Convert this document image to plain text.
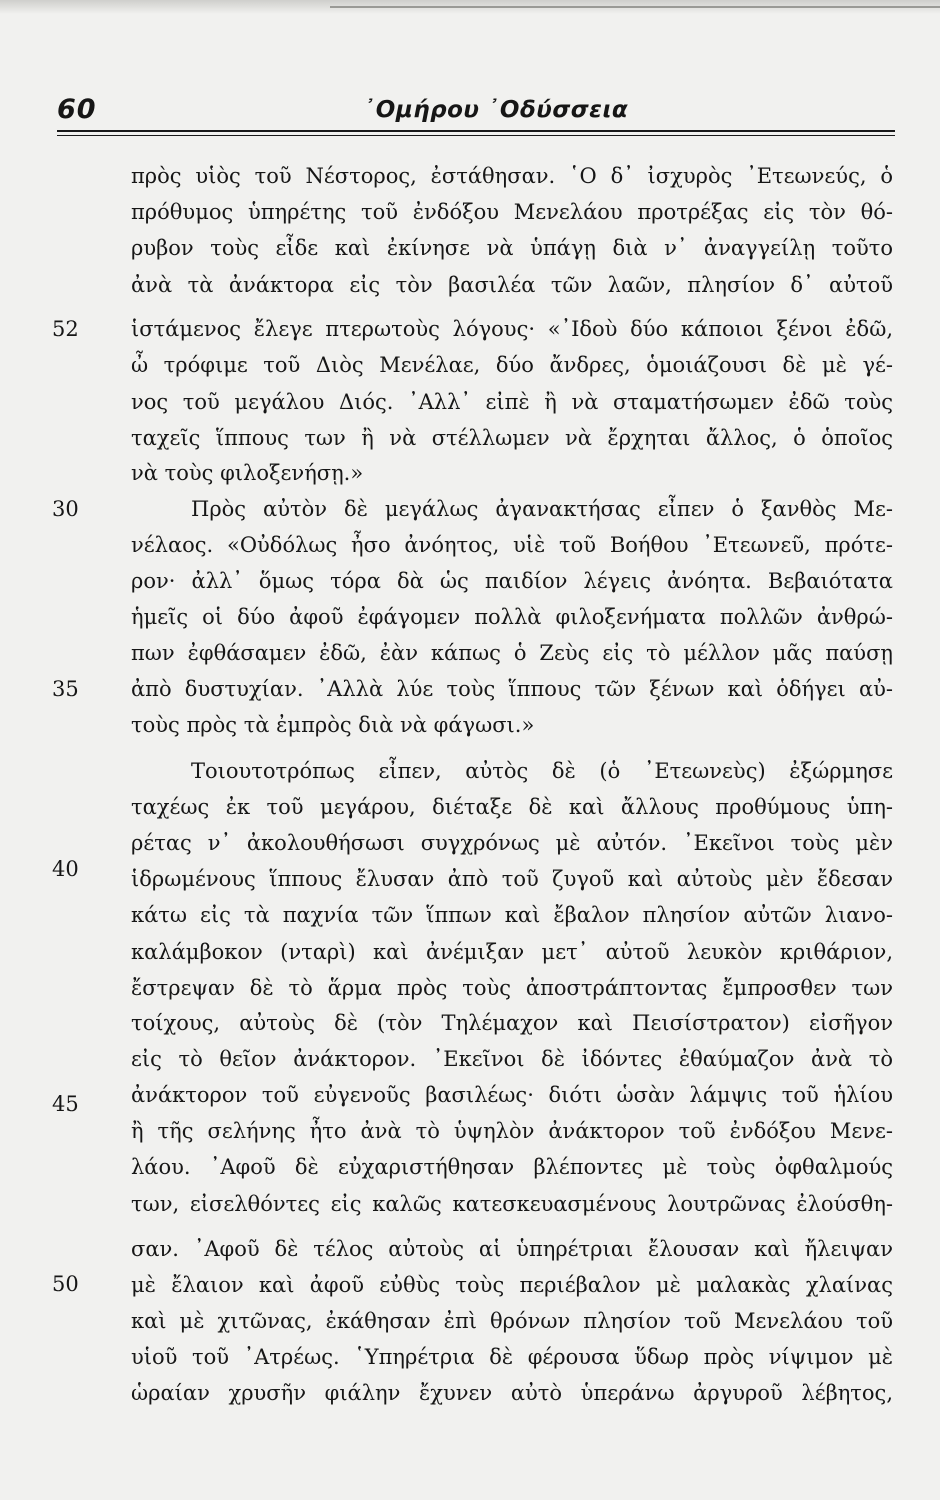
60	᾿Ομήρου ᾿Οδύσσεια
52
30
35
40
45
50
πρὸς υἱὸς τοῦ Νέστορος, ἐστάθησαν. ῾Ο δ᾿ ἰσχυρὸς ᾿Ετεωνεύς, ὁ
πρόθυμος ὑπηρέτης τοῦ ἐνδόξου Μενελάου προτρέξας εἰς τὸν θό-
ρυβον τοὺς εἶδε καὶ ἐκίνησε νὰ ὑπάγῃ διὰ ν᾿ ἀναγγείλῃ τοῦτο
ἀνὰ τὰ ἀνάκτορα εἰς τὸν βασιλέα τῶν λαῶν, πλησίον δ᾿ αὐτοῦ
ἱστάμενος ἔλεγε πτερωτοὺς λόγους· «᾿Ιδοὺ δύο κάποιοι ξένοι ἐδῶ,
ὦ τρόφιμε τοῦ Διὸς Μενέλαε, δύο ἄνδρες, ὁμοιάζουσι δὲ μὲ γέ-
νος τοῦ μεγάλου Διός. ᾿Αλλ᾿ εἰπὲ ἢ νὰ σταματήσωμεν ἐδῶ τοὺς
ταχεῖς ἵππους των ἢ νὰ στέλλωμεν νὰ ἔρχηται ἄλλος, ὁ ὁποῖος
νὰ τοὺς φιλοξενήσῃ.»
Πρὸς αὐτὸν δὲ μεγάλως ἀγανακτήσας εἶπεν ὁ ξανθὸς Με-
νέλαος. «Οὐδόλως ἦσο ἀνόητος, υἱὲ τοῦ Βοήθου ᾿Ετεωνεῦ, πρότε-
ρον· ἀλλ᾿ ὅμως τόρα δὰ ὡς παιδίον λέγεις ἀνόητα. Βεβαιότατα
ἡμεῖς οἱ δύο ἀφοῦ ἐφάγομεν πολλὰ φιλοξενήματα πολλῶν ἀνθρώ-
πων ἐφθάσαμεν ἐδῶ, ἐὰν κάπως ὁ Ζεὺς εἰς τὸ μέλλον μᾶς παύσῃ
ἀπὸ δυστυχίαν. ᾿Αλλὰ λύε τοὺς ἵππους τῶν ξένων καὶ ὁδήγει αὐ-
τοὺς πρὸς τὰ ἐμπρὸς διὰ νὰ φάγωσι.»
Τοιουτοτρόπως εἶπεν, αὐτὸς δὲ (ὁ ᾿Ετεωνεὺς) ἐξώρμησε
ταχέως ἐκ τοῦ μεγάρου, διέταξε δὲ καὶ ἄλλους προθύμους ὑπη-
ρέτας ν᾿ ἀκολουθήσωσι συγχρόνως μὲ αὐτόν. ᾿Εκεῖνοι τοὺς μὲν
ἱδρωμένους ἵππους ἔλυσαν ἀπὸ τοῦ ζυγοῦ καὶ αὐτοὺς μὲν ἔδεσαν
κάτω εἰς τὰ παχνία τῶν ἵππων καὶ ἔβαλον πλησίον αὐτῶν λιανο-
καλάμβοκον (νταρὶ) καὶ ἀνέμιξαν μετ᾿ αὐτοῦ λευκὸν κριθάριον,
ἔστρεψαν δὲ τὸ ἅρμα πρὸς τοὺς ἀποστράπτοντας ἔμπροσθεν των
τοίχους, αὐτοὺς δὲ (τὸν Τηλέμαχον καὶ Πεισίστρατον) εἰσῆγον
εἰς τὸ θεῖον ἀνάκτορον. ᾿Εκεῖνοι δὲ ἰδόντες ἐθαύμαζον ἀνὰ τὸ
ἀνάκτορον τοῦ εὐγενοῦς βασιλέως· διότι ὡσὰν λάμψις τοῦ ἡλίου
ἢ τῆς σελήνης ἦτο ἀνὰ τὸ ὑψηλὸν ἀνάκτορον τοῦ ἐνδόξου Μενε-
λάου. ᾿Αφοῦ δὲ εὐχαριστήθησαν βλέποντες μὲ τοὺς ὀφθαλμούς
των, εἰσελθόντες εἰς καλῶς κατεσκευασμένους λουτρῶνας ἐλούσθη-
σαν. ᾿Αφοῦ δὲ τέλος αὐτοὺς αἱ ὑπηρέτριαι ἔλουσαν καὶ ἤλειψαν
μὲ ἔλαιον καὶ ἀφοῦ εὐθὺς τοὺς περιέβαλον μὲ μαλακὰς χλαίνας
καὶ μὲ χιτῶνας, ἐκάθησαν ἐπὶ θρόνων πλησίον τοῦ Μενελάου τοῦ
υἱοῦ τοῦ ᾿Ατρέως. ῾Υπηρέτρια δὲ φέρουσα ὕδωρ πρὸς νίψιμον μὲ
ὡραίαν χρυσῆν φιάλην ἔχυνεν αὐτὸ ὑπεράνω ἀργυροῦ λέβητος,
